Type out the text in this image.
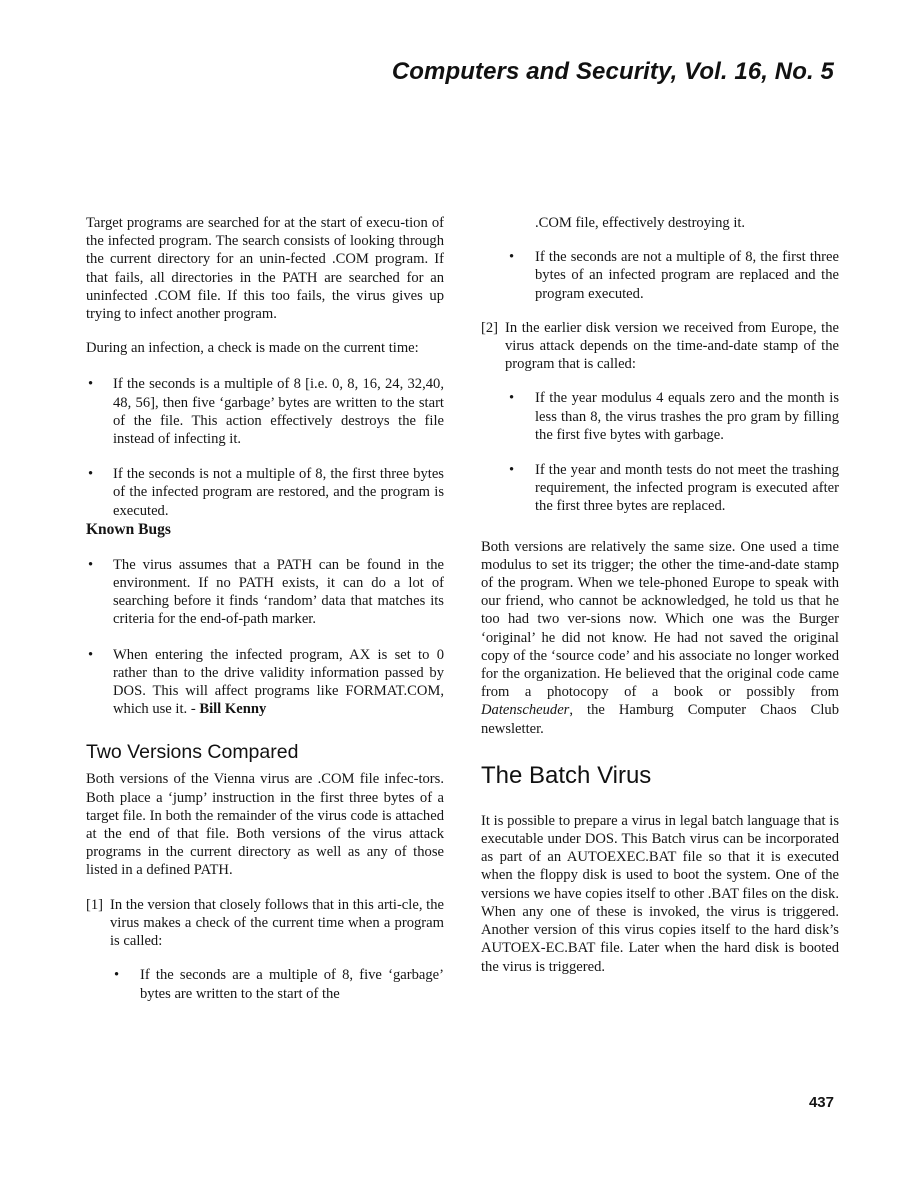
Computers and Security, Vol. 16, No. 5

Target programs are searched for at the start of execu-tion of the infected program. The search consists of looking through the current directory for an unin-fected .COM program. If that fails, all directories in the PATH are searched for an uninfected .COM file. If this too fails, the virus gives up trying to infect another program.

During an infection, a check is made on the current time:

• If the seconds is a multiple of 8 [i.e. 0, 8, 16, 24, 32,40, 48, 56], then five ‘garbage’ bytes are written to the start of the file. This action effectively destroys the file instead of infecting it.
• If the seconds is not a multiple of 8, the first three bytes of the infected program are restored, and the program is executed.
Known Bugs
• The virus assumes that a PATH can be found in the environment. If no PATH exists, it can do a lot of searching before it finds ‘random’ data that matches its criteria for the end-of-path marker.
• When entering the infected program, AX is set to 0 rather than to the drive validity information passed by DOS. This will affect programs like FORMAT.COM, which use it. - Bill Kenny
Two Versions Compared

Both versions of the Vienna virus are .COM file infec-tors. Both place a ‘jump’ instruction in the first three bytes of a target file. In both the remainder of the virus code is attached at the end of that file. Both versions of the virus attack programs in the current directory as well as any of those listed in a defined PATH.

[1] In the version that closely follows that in this arti-cle, the virus makes a check of the current time when a program is called:
• If the seconds are a multiple of 8, five ‘garbage’ bytes are written to the start of the

.COM file, effectively destroying it.

• If the seconds are not a multiple of 8, the first three bytes of an infected program are replaced and the program executed.
[2] In the earlier disk version we received from Europe, the virus attack depends on the time-and-date stamp of the program that is called:
• If the year modulus 4 equals zero and the month is less than 8, the virus trashes the pro gram by filling the first five bytes with garbage.
• If the year and month tests do not meet the trashing requirement, the infected program is executed after the first three bytes are replaced.

Both versions are relatively the same size. One used a time modulus to set its trigger; the other the time-and-date stamp of the program. When we tele-phoned Europe to speak with our friend, who cannot be acknowledged, he told us that he too had two ver-sions now. Which one was the Burger ‘original’ he did not know. He had not saved the original copy of the ‘source code’ and his associate no longer worked for the organization. He believed that the original code came from a photocopy of a book or possibly from Datenscheuder, the Hamburg Computer Chaos Club newsletter.

The Batch Virus

It is possible to prepare a virus in legal batch language that is executable under DOS. This Batch virus can be incorporated as part of an AUTOEXEC.BAT file so that it is executed when the floppy disk is used to boot the system. One of the versions we have copies itself to other .BAT files on the disk. When any one of these is invoked, the virus is triggered. Another version of this virus copies itself to the hard disk’s AUTOEX-EC.BAT file. Later when the hard disk is booted the virus is triggered.

437
